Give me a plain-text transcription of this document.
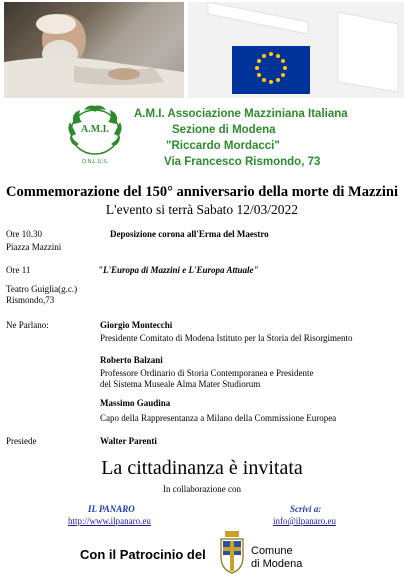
A.M.I.
O.N.L.U.S.
A.M.I. Associazione Mazziniana Italiana
Sezione di Modena
"Riccardo Mordacci"
Via Francesco Rismondo, 73
Commemorazione del 150° anniversario della morte di Mazzini
L'evento si terrà Sabato 12/03/2022
Ore 10.30	Deposizione corona all'Erma del Maestro
Piazza Mazzini
Ore 11	"L'Europa di Mazzini e L'Europa Attuale"
Teatro Guiglia(g.c.)
Rismondo,73
Ne Parlano:	Giorgio Montecchi
Presidente Comitato di Modena Istituto per la Storia del Risorgimento
Roberto Balzani
Professore Ordinario di Storia Contemporanea e Presidente
del Sistema Museale Alma Mater Studiorum
Massimo Gaudina
Capo della Rappresentanza a Milano della Commissione Europea
Presiede	Walter Parenti
La cittadinanza è invitata
In collaborazione con
IL PANARO
http://www.ilpanaro.eu
Scrivi a:
info@ilpanaro.eu
Con il Patrocinio del	Comune
di Modena
